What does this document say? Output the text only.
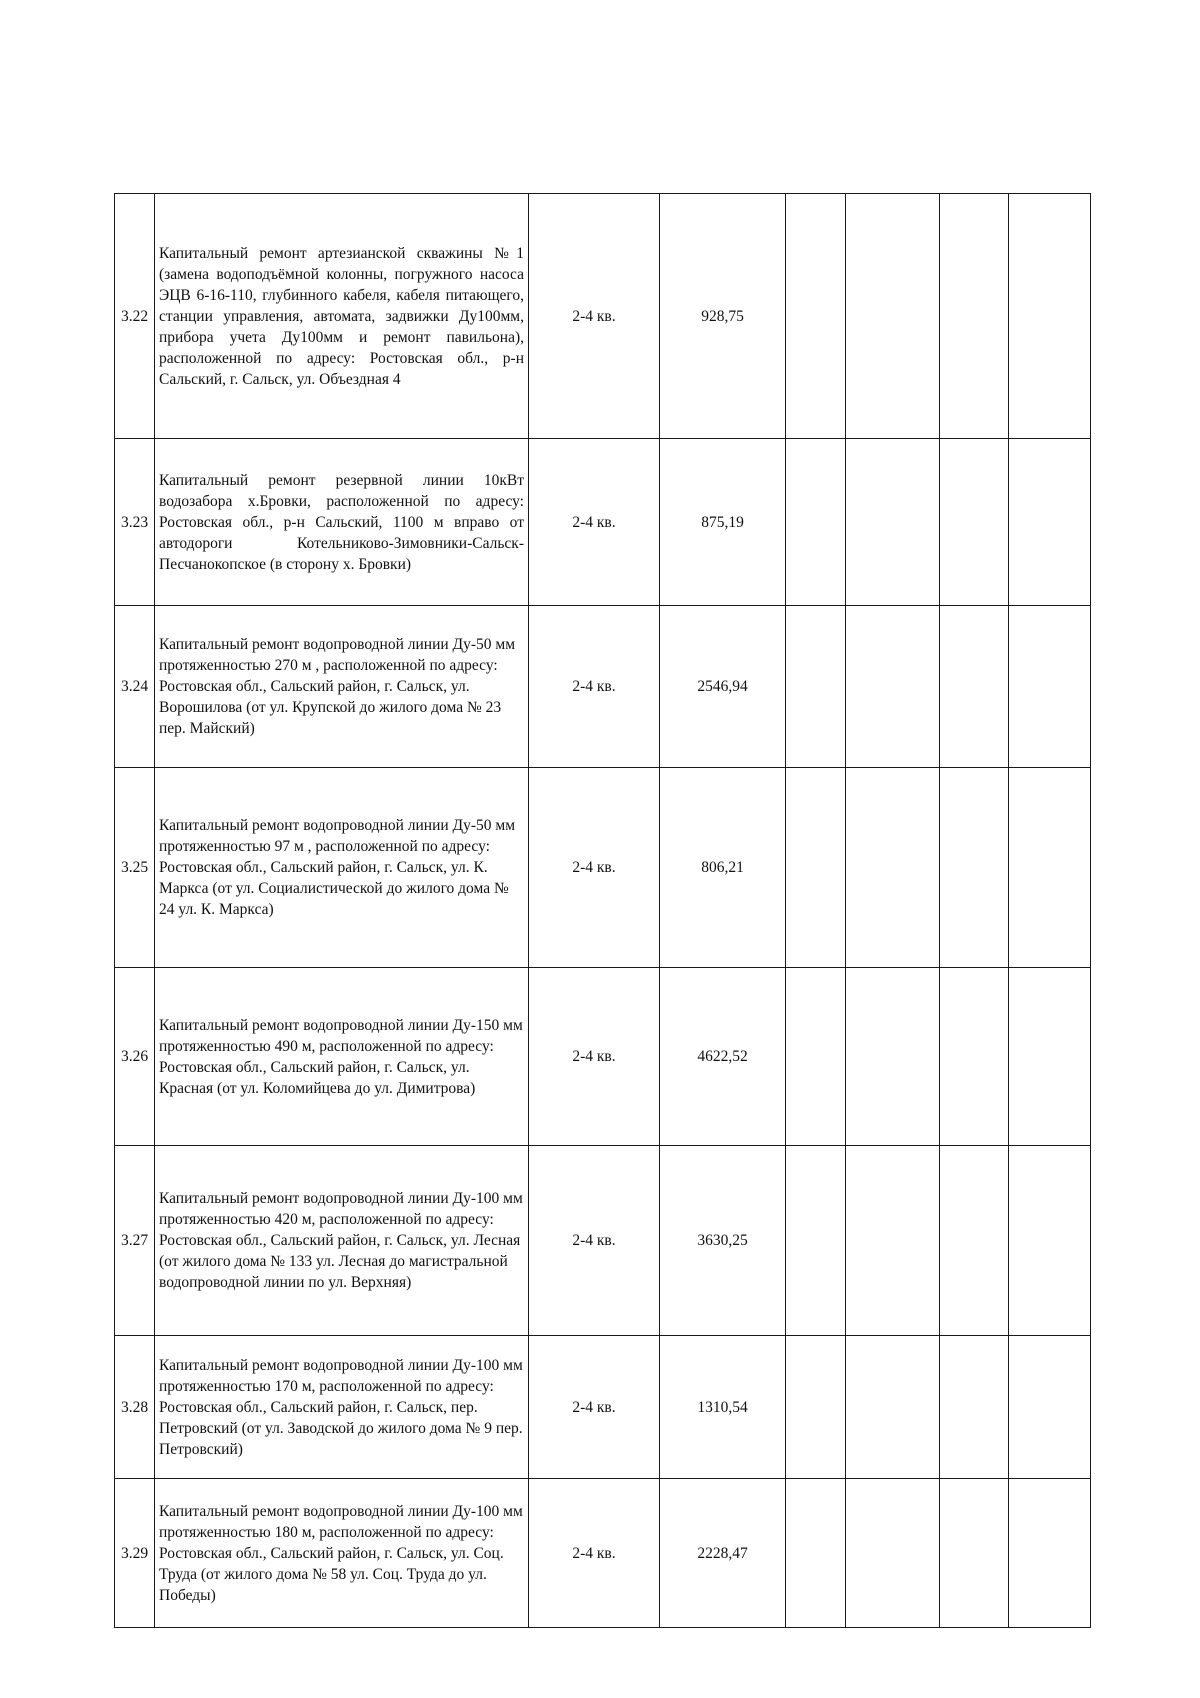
3.22	Капитальный ремонт артезианской скважины №1 (замена водоподъёмной колонны, погружного насоса ЭЦВ 6-16-110, глубинного кабеля, кабеля питающего, станции управления, автомата, задвижки Ду100мм, прибора учета Ду100мм и ремонт павильона), расположенной по адресу: Ростовская обл., р-н Сальский, г. Сальск, ул. Объездная 4	2-4 кв.	928,75				
3.23	Капитальный ремонт резервной линии 10кВт водозабора х.Бровки, расположенной по адресу: Ростовская обл., р-н Сальский, 1100 м вправо от автодороги Котельниково-Зимовники-Сальск-Песчанокопское (в сторону х. Бровки)	2-4 кв.	875,19				
3.24	Капитальный ремонт водопроводной линии Ду-50 мм протяженностью 270 м , расположенной по адресу: Ростовская обл., Сальский район, г. Сальск, ул. Ворошилова (от ул. Крупской до жилого дома № 23 пер. Майский)	2-4 кв.	2546,94				
3.25	Капитальный ремонт водопроводной линии Ду-50 мм протяженностью 97 м , расположенной по адресу: Ростовская обл., Сальский район, г. Сальск, ул. К. Маркса (от ул. Социалистической до жилого дома № 24 ул. К. Маркса)	2-4 кв.	806,21				
3.26	Капитальный ремонт водопроводной линии Ду-150 мм протяженностью 490 м, расположенной по адресу: Ростовская обл., Сальский район, г. Сальск, ул. Красная (от ул. Коломийцева до ул. Димитрова)	2-4 кв.	4622,52				
3.27	Капитальный ремонт водопроводной линии Ду-100 мм протяженностью 420 м, расположенной по адресу: Ростовская обл., Сальский район, г. Сальск, ул. Лесная (от жилого дома № 133 ул. Лесная до магистральной водопроводной линии по ул. Верхняя)	2-4 кв.	3630,25				
3.28	Капитальный ремонт водопроводной линии Ду-100 мм протяженностью 170 м, расположенной по адресу: Ростовская обл., Сальский район, г. Сальск, пер. Петровский (от ул. Заводской до жилого дома № 9 пер. Петровский)	2-4 кв.	1310,54				
3.29	Капитальный ремонт водопроводной линии Ду-100 мм протяженностью 180 м, расположенной по адресу: Ростовская обл., Сальский район, г. Сальск, ул. Соц. Труда (от жилого дома № 58 ул. Соц. Труда до ул. Победы)	2-4 кв.	2228,47				
